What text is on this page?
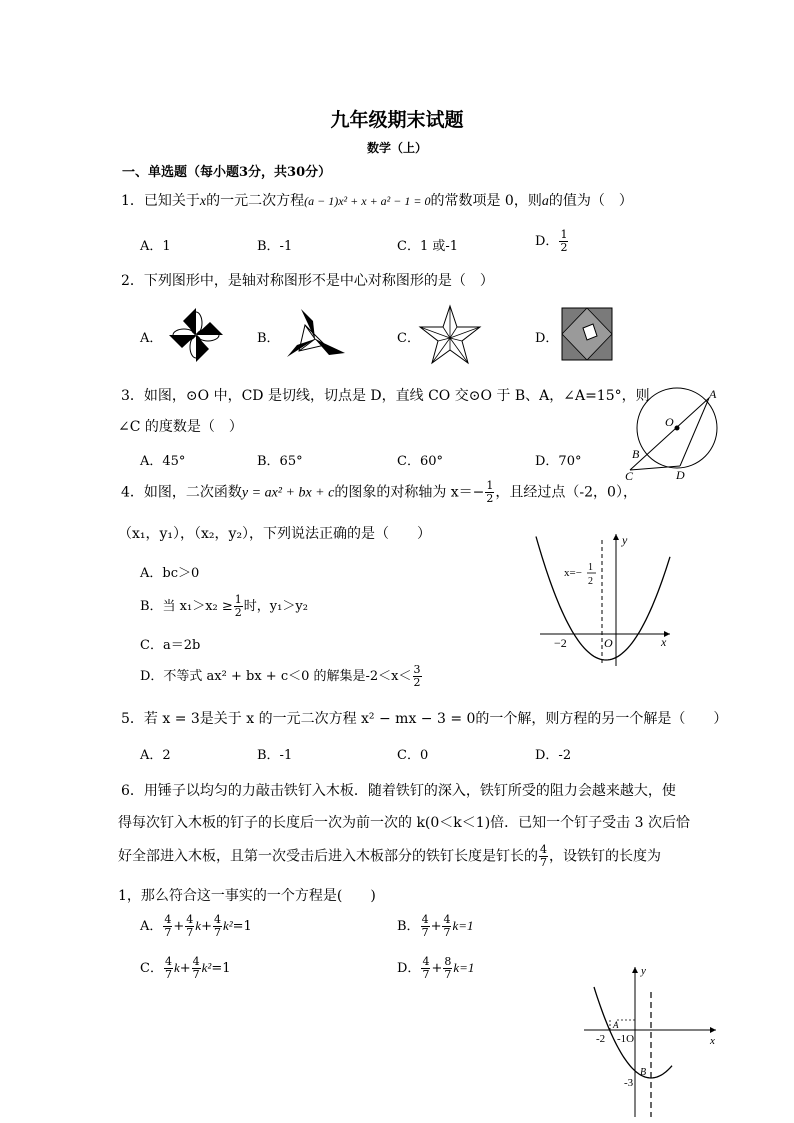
九年级期末试题
数学（上）
一、单选题（每小题3分，共30分）
1．已知关于x的一元二次方程(a − 1)x² + x + a² − 1 = 0的常数项是 0，则a的值为（　）
A．1	B．-1	C．1 或-1	D． $\frac{1}{2}$
2．下列图形中，是轴对称图形不是中心对称图形的是（　）
A．	B．	C．	D．
3．如图，⊙O 中，CD 是切线，切点是 D，直线 CO 交⊙O 于 B、A，∠A=15°，则
∠C 的度数是（　）
A．45°	B．65°	C．60°	D．70°
A
O
B
C	D
4．如图，二次函数y = ax² + bx + c的图象的对称轴为 $x=- \frac{1}{2}$ ，且经过点（-2，0），
（x₁，y₁），（x₂，y₂），下列说法正确的是（　　）
A．bc＞0
B．当 $x_1>x_2 \ge \frac{1}{2}$ 时，y₁＞y₂
C．a＝2b
D．不等式 ax² + bx + c＜0 的解集是$-2<x< \frac{3}{2}$
y
x
O
−2
x=− 1
2
5．若 x = 3是关于 x 的一元二次方程 x² − mx − 3 = 0的一个解，则方程的另一个解是（　　）
A．2	B．-1	C．0	D．-2
6．用锤子以均匀的力敲击铁钉入木板．随着铁钉的深入，铁钉所受的阻力会越来越大，使
得每次钉入木板的钉子的长度后一次为前一次的 k(0＜k＜1)倍．已知一个钉子受击 3 次后恰
好全部进入木板，且第一次受击后进入木板部分的铁钉长度是钉长的 $\frac{4}{7}$ ，设铁钉的长度为
1，那么符合这一事实的一个方程是(　　)
A． $\frac{4}{7} + \frac{4}{7} k+ \frac{4}{7} k^2=1$	B． $\frac{4}{7} + \frac{4}{7} k=1$
C． $\frac{4}{7} k+ \frac{4}{7} k^2=1$	D． $\frac{4}{7} + \frac{8}{7} k=1$	y
x
A
-2 -1O
B
-3
